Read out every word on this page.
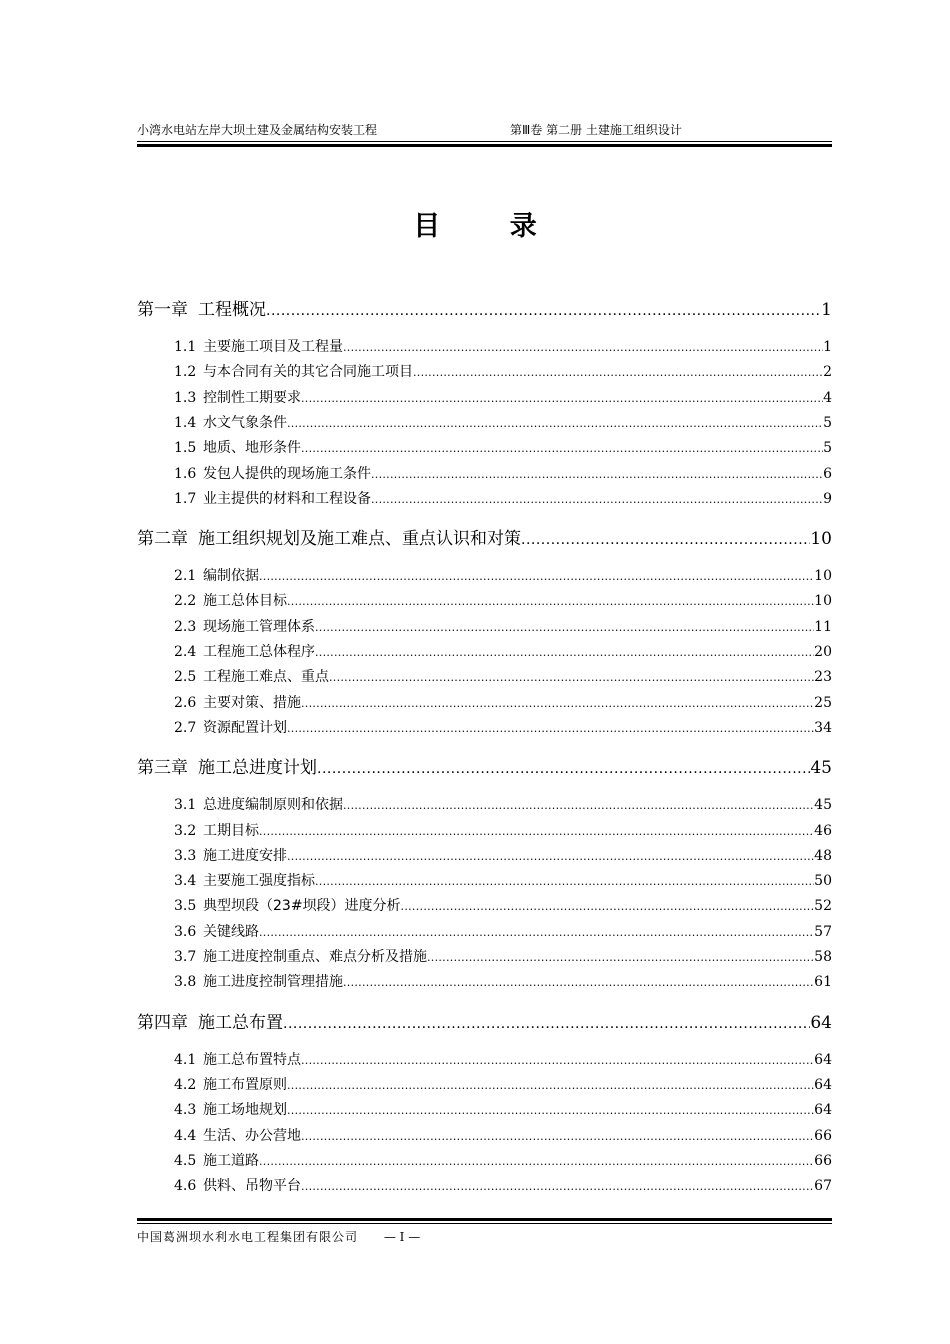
小湾水电站左岸大坝土建及金属结构安装工程	第Ⅲ卷 第二册 土建施工组织设计
目 录
第一章 工程概况 .....	1
1.1 主要施工项目及工程量 .....	1
1.2 与本合同有关的其它合同施工项目 .....	2
1.3 控制性工期要求 .....	4
1.4 水文气象条件 .....	5
1.5 地质、地形条件 .....	5
1.6 发包人提供的现场施工条件 .....	6
1.7 业主提供的材料和工程设备 .....	9
第二章 施工组织规划及施工难点、重点认识和对策 .....	10
2.1 编制依据 .....	10
2.2 施工总体目标 .....	10
2.3 现场施工管理体系 .....	11
2.4 工程施工总体程序 .....	20
2.5 工程施工难点、重点 .....	23
2.6 主要对策、措施 .....	25
2.7 资源配置计划 .....	34
第三章 施工总进度计划 .....	45
3.1 总进度编制原则和依据 .....	45
3.2 工期目标 .....	46
3.3 施工进度安排 .....	48
3.4 主要施工强度指标 .....	50
3.5 典型坝段（23#坝段）进度分析 .....	52
3.6 关键线路 .....	57
3.7 施工进度控制重点、难点分析及措施 .....	58
3.8 施工进度控制管理措施 .....	61
第四章 施工总布置 .....	64
4.1 施工总布置特点 .....	64
4.2 施工布置原则 .....	64
4.3 施工场地规划 .....	64
4.4 生活、办公营地 .....	66
4.5 施工道路 .....	66
4.6 供料、吊物平台 .....	67
中国葛洲坝水利水电工程集团有限公司 — I —
